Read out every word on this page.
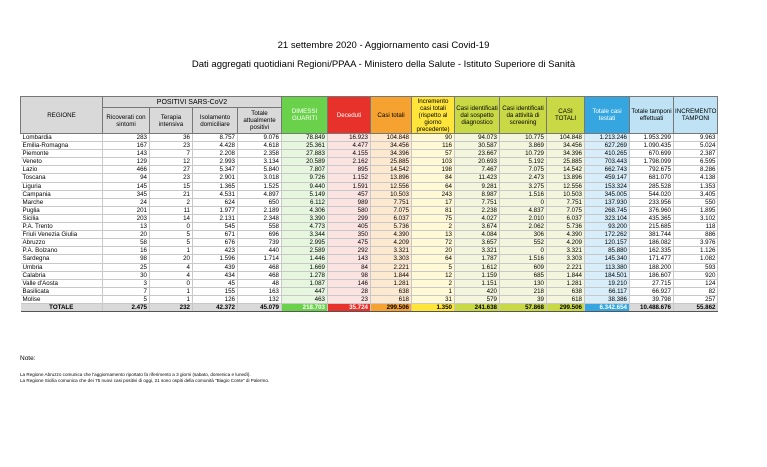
21 settembre 2020 - Aggiornamento casi Covid-19
Dati aggregati quotidiani Regioni/PPAA - Ministero della Salute - Istituto Superiore di Sanità
REGIONE	POSITIVI SARS-CoV2				DIMESSI GUARITI	Deceduti	Casi totali	Incremento casi totali (rispetto al giorno precedente)	Casi identificati dal sospetto diagnostico	Casi identificati da attività di screening	CASI TOTALI	Totale casi testati	Totale tamponi effettuati	INCREMENTO TAMPONI
	Ricoverati con sintomi	Terapia intensiva	Isolamento domiciliare	Totale attualmente positivi										
Lombardia	283	36	8.757	9.076	78.849	16.923	104.848	90	94.073	10.775	104.848	1.213.246	1.953.299	9.963
Emilia-Romagna	167	23	4.428	4.618	25.361	4.477	34.456	116	30.587	3.869	34.456	627.269	1.090.435	5.024
Piemonte	143	7	2.208	2.358	27.883	4.155	34.396	57	23.667	10.729	34.396	410.265	670.699	2.387
Veneto	129	12	2.993	3.134	20.589	2.162	25.885	103	20.693	5.192	25.885	703.443	1.798.099	6.595
Lazio	466	27	5.347	5.840	7.807	895	14.542	198	7.467	7.075	14.542	662.743	792.675	8.286
Toscana	94	23	2.901	3.018	9.726	1.152	13.896	84	11.423	2.473	13.896	459.147	681.070	4.138
Liguria	145	15	1.365	1.525	9.440	1.591	12.556	64	9.281	3.275	12.556	153.324	285.528	1.353
Campania	345	21	4.531	4.897	5.149	457	10.503	243	8.987	1.516	10.503	345.005	544.020	3.405
Marche	24	2	624	650	6.112	989	7.751	17	7.751	0	7.751	137.930	233.956	550
Puglia	201	11	1.977	2.189	4.306	580	7.075	81	2.238	4.837	7.075	268.745	376.960	1.895
Sicilia	203	14	2.131	2.348	3.390	299	6.037	75	4.027	2.010	6.037	323.104	435.365	3.102
P.A. Trento	13	0	545	558	4.773	405	5.736	2	3.674	2.062	5.736	93.200	215.685	118
Friuli Venezia Giulia	20	5	671	696	3.344	350	4.390	13	4.084	306	4.390	172.262	381.744	886
Abruzzo	58	5	676	739	2.995	475	4.209	72	3.657	552	4.209	120.157	186.082	3.976
P.A. Bolzano	16	1	423	440	2.589	292	3.321	20	3.321	0	3.321	85.880	162.335	1.126
Sardegna	98	20	1.596	1.714	1.446	143	3.303	64	1.787	1.516	3.303	145.340	171.477	1.082
Umbria	25	4	439	468	1.669	84	2.221	5	1.612	609	2.221	113.380	188.200	593
Calabria	30	4	434	468	1.278	98	1.844	12	1.159	685	1.844	184.501	186.607	920
Valle d'Aosta	3	0	45	48	1.087	146	1.281	2	1.151	130	1.281	19.210	27.715	124
Basilicata	7	1	155	163	447	28	638	1	420	218	638	66.117	66.927	82
Molise	5	1	126	132	463	23	618	31	579	39	618	38.386	39.798	257
TOTALE	2.475	232	42.372	45.079	218.703	35.724	299.506	1.350	241.638	57.868	299.506	6.342.654	10.488.676	55.862
Note:
La Regione Abruzzo comunica che l'aggiornamento riportato fa riferimento a 3 giorni (sabato, domenica e lunedì).
La Regione Sicilia comunica che dei 75 nuovi casi positivi di oggi, 21 sono ospiti della comunità "Biagio Conte" di Palermo.
